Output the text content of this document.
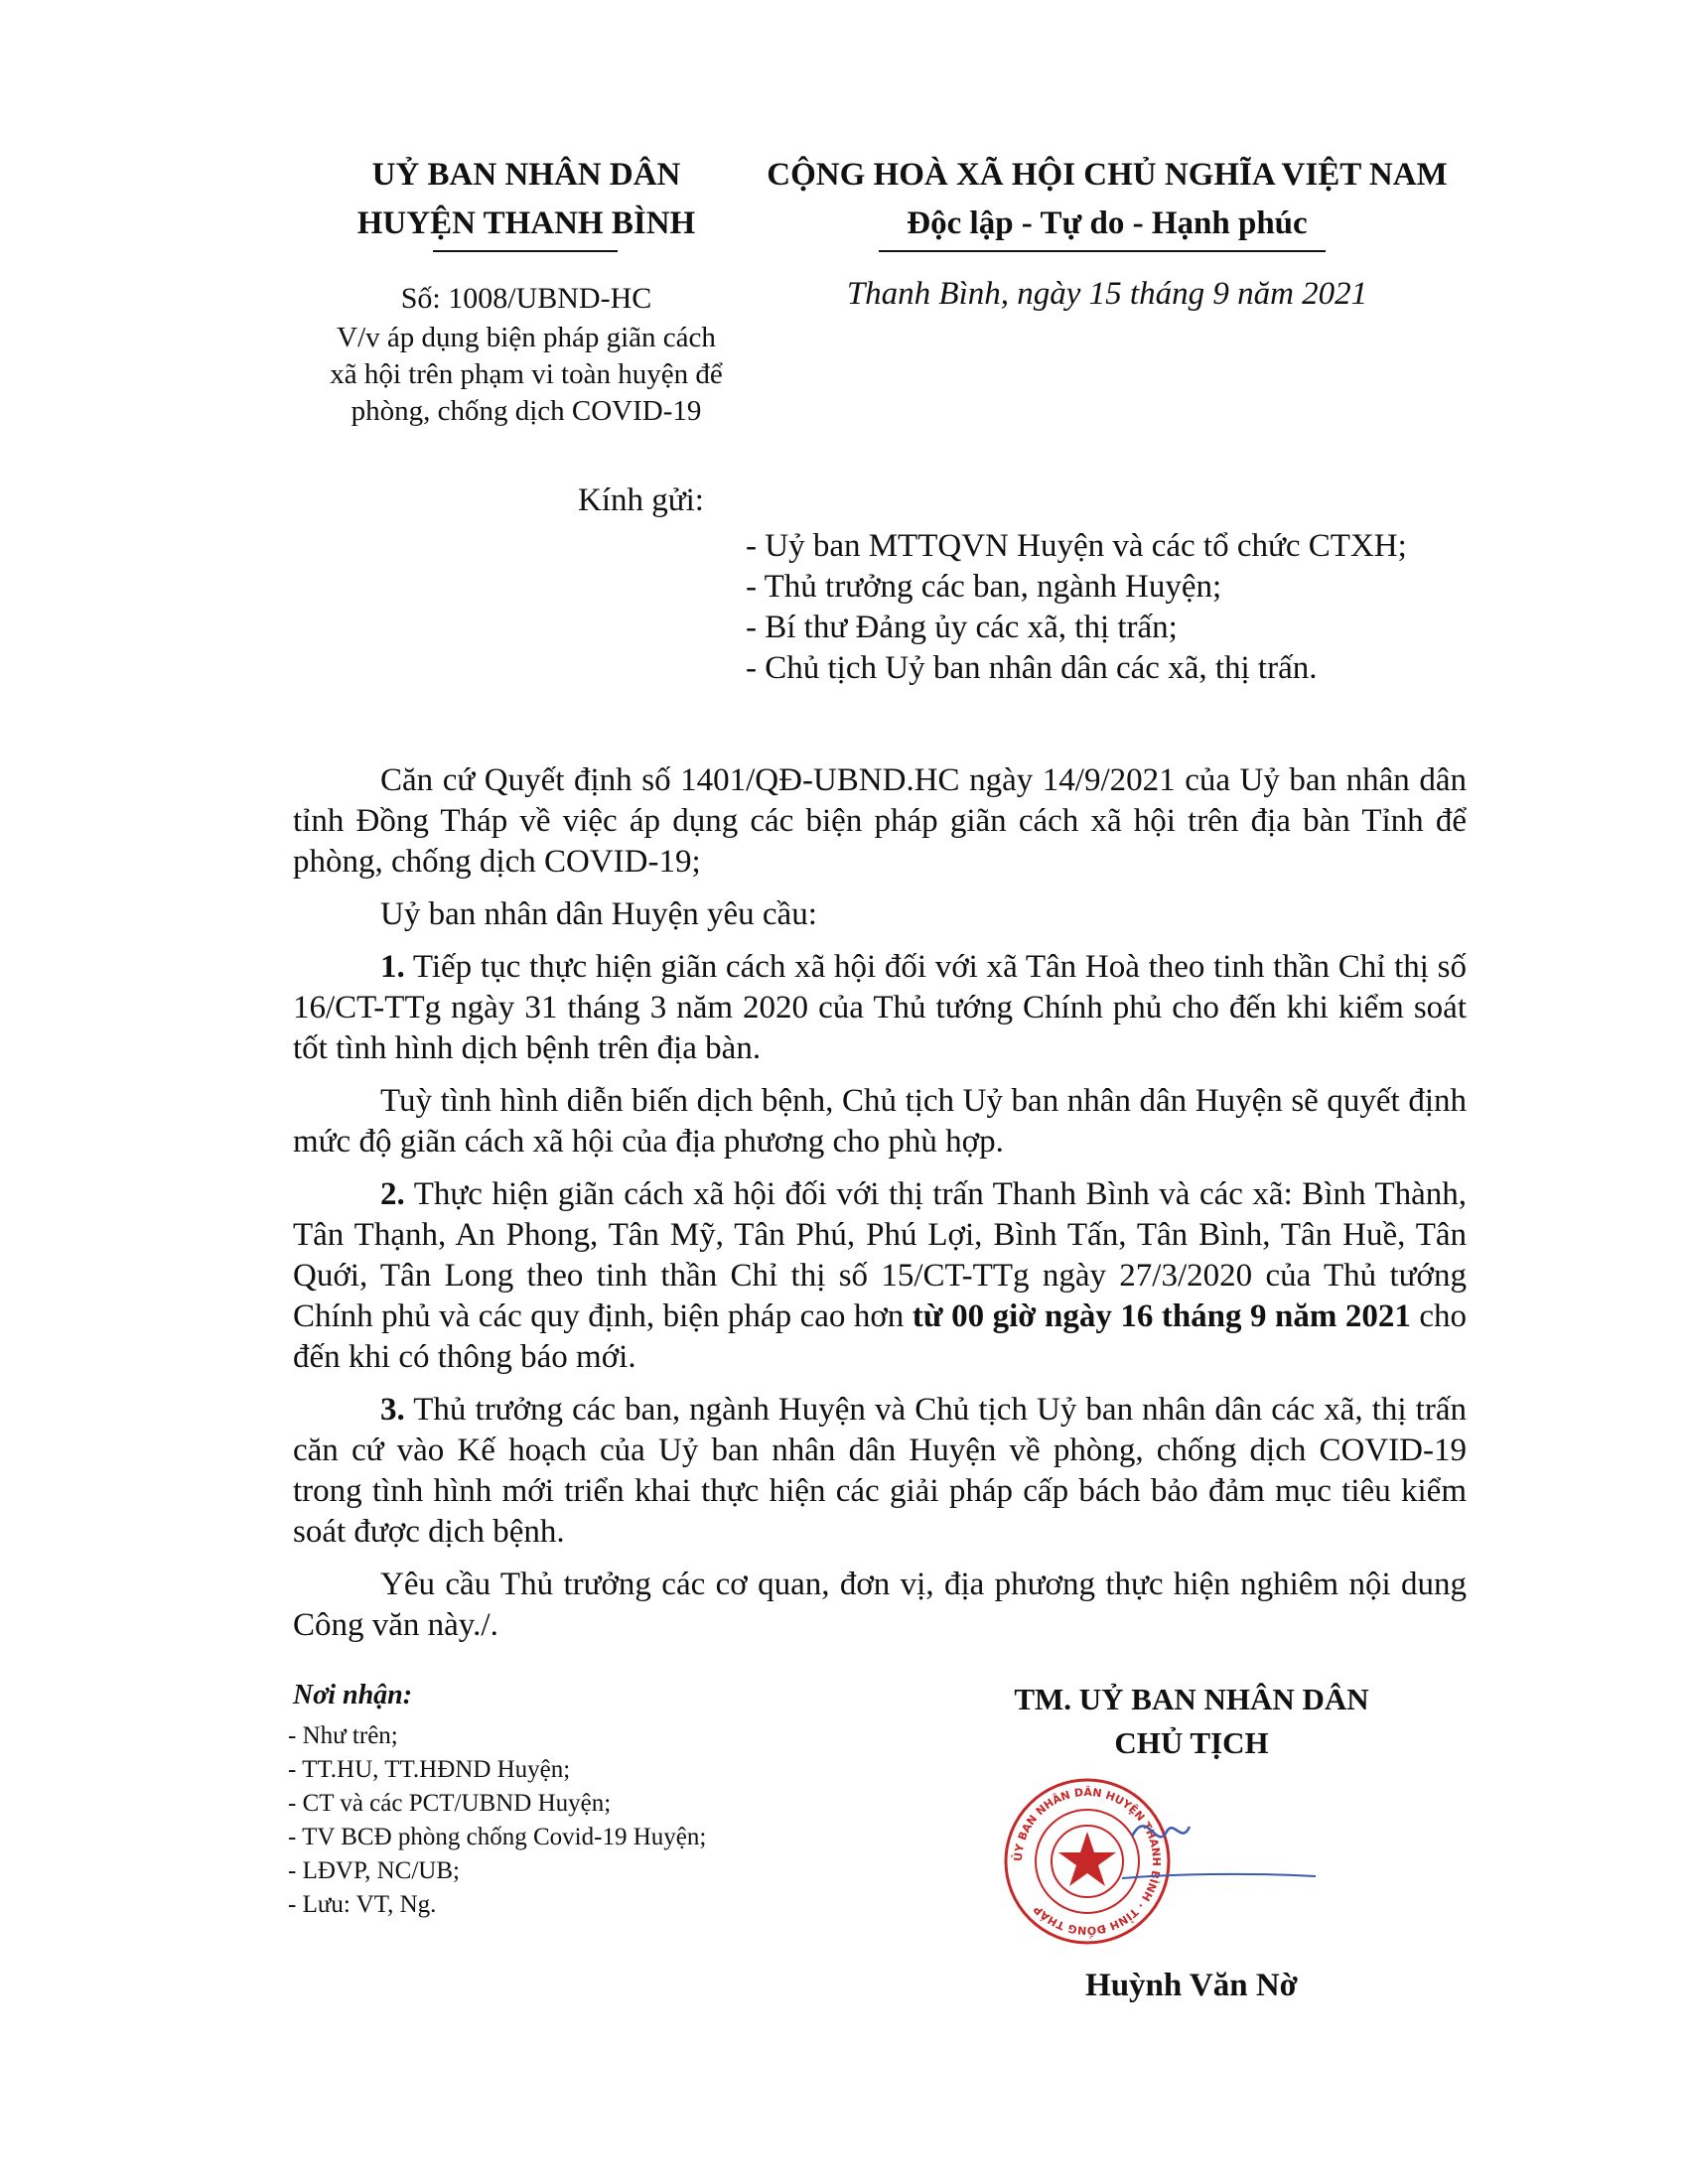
UỶ BAN NHÂN DÂN
HUYỆN THANH BÌNH
Số: 1008/UBND-HC
V/v áp dụng biện pháp giãn cách
xã hội trên phạm vi toàn huyện để
phòng, chống dịch COVID-19
CỘNG HOÀ XÃ HỘI CHỦ NGHĨA VIỆT NAM
Độc lập - Tự do - Hạnh phúc
Thanh Bình, ngày 15 tháng 9 năm 2021
Kính gửi:
- Uỷ ban MTTQVN Huyện và các tổ chức CTXH;
- Thủ trưởng các ban, ngành Huyện;
- Bí thư Đảng ủy các xã, thị trấn;
- Chủ tịch Uỷ ban nhân dân các xã, thị trấn.

Căn cứ Quyết định số 1401/QĐ-UBND.HC ngày 14/9/2021 của Uỷ ban nhân dân tỉnh Đồng Tháp về việc áp dụng các biện pháp giãn cách xã hội trên địa bàn Tỉnh để phòng, chống dịch COVID-19;

Uỷ ban nhân dân Huyện yêu cầu:

1. Tiếp tục thực hiện giãn cách xã hội đối với xã Tân Hoà theo tinh thần Chỉ thị số 16/CT-TTg ngày 31 tháng 3 năm 2020 của Thủ tướng Chính phủ cho đến khi kiểm soát tốt tình hình dịch bệnh trên địa bàn.

Tuỳ tình hình diễn biến dịch bệnh, Chủ tịch Uỷ ban nhân dân Huyện sẽ quyết định mức độ giãn cách xã hội của địa phương cho phù hợp.

2. Thực hiện giãn cách xã hội đối với thị trấn Thanh Bình và các xã: Bình Thành, Tân Thạnh, An Phong, Tân Mỹ, Tân Phú, Phú Lợi, Bình Tấn, Tân Bình, Tân Huề, Tân Quới, Tân Long theo tinh thần Chỉ thị số 15/CT-TTg ngày 27/3/2020 của Thủ tướng Chính phủ và các quy định, biện pháp cao hơn từ 00 giờ ngày 16 tháng 9 năm 2021 cho đến khi có thông báo mới.

3. Thủ trưởng các ban, ngành Huyện và Chủ tịch Uỷ ban nhân dân các xã, thị trấn căn cứ vào Kế hoạch của Uỷ ban nhân dân Huyện về phòng, chống dịch COVID-19 trong tình hình mới triển khai thực hiện các giải pháp cấp bách bảo đảm mục tiêu kiểm soát được dịch bệnh.

Yêu cầu Thủ trưởng các cơ quan, đơn vị, địa phương thực hiện nghiêm nội dung Công văn này./.

Nơi nhận:
- Như trên;
- TT.HU, TT.HĐND Huyện;
- CT và các PCT/UBND Huyện;
- TV BCĐ phòng chống Covid-19 Huyện;
- LĐVP, NC/UB;
- Lưu: VT, Ng.
TM. UỶ BAN NHÂN DÂN
CHỦ TỊCH
ỦY BAN NHÂN DÂN HUYỆN THANH BÌNH · TỈNH ĐỒNG THÁP
Huỳnh Văn Nờ
